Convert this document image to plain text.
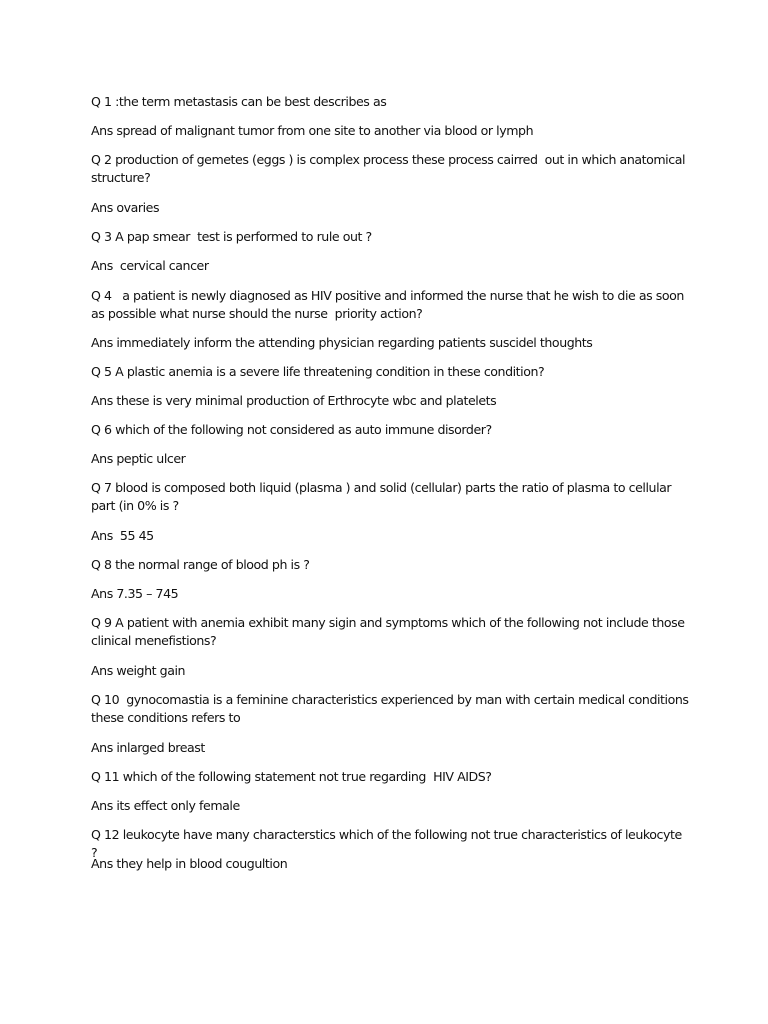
Q 1 :the term metastasis can be best describes as
Ans spread of malignant tumor from one site to another via blood or lymph
Q 2 production of gemetes (eggs ) is complex process these process cairred  out in which anatomical structure?
Ans ovaries
Q 3 A pap smear  test is performed to rule out ?
Ans  cervical cancer
Q 4   a patient is newly diagnosed as HIV positive and informed the nurse that he wish to die as soon as possible what nurse should the nurse  priority action?
Ans immediately inform the attending physician regarding patients suscidel thoughts
Q 5 A plastic anemia is a severe life threatening condition in these condition?
Ans these is very minimal production of Erthrocyte wbc and platelets
Q 6 which of the following not considered as auto immune disorder?
Ans peptic ulcer
Q 7 blood is composed both liquid (plasma ) and solid (cellular) parts the ratio of plasma to cellular part (in 0% is ?
Ans  55 45
Q 8 the normal range of blood ph is ?
Ans 7.35 – 745
Q 9 A patient with anemia exhibit many sigin and symptoms which of the following not include those clinical menefistions?
Ans weight gain
Q 10  gynocomastia is a feminine characteristics experienced by man with certain medical conditions these conditions refers to
Ans inlarged breast
Q 11 which of the following statement not true regarding  HIV AIDS?
Ans its effect only female
Q 12 leukocyte have many characterstics which of the following not true characteristics of leukocyte ?
Ans they help in blood cougultion
